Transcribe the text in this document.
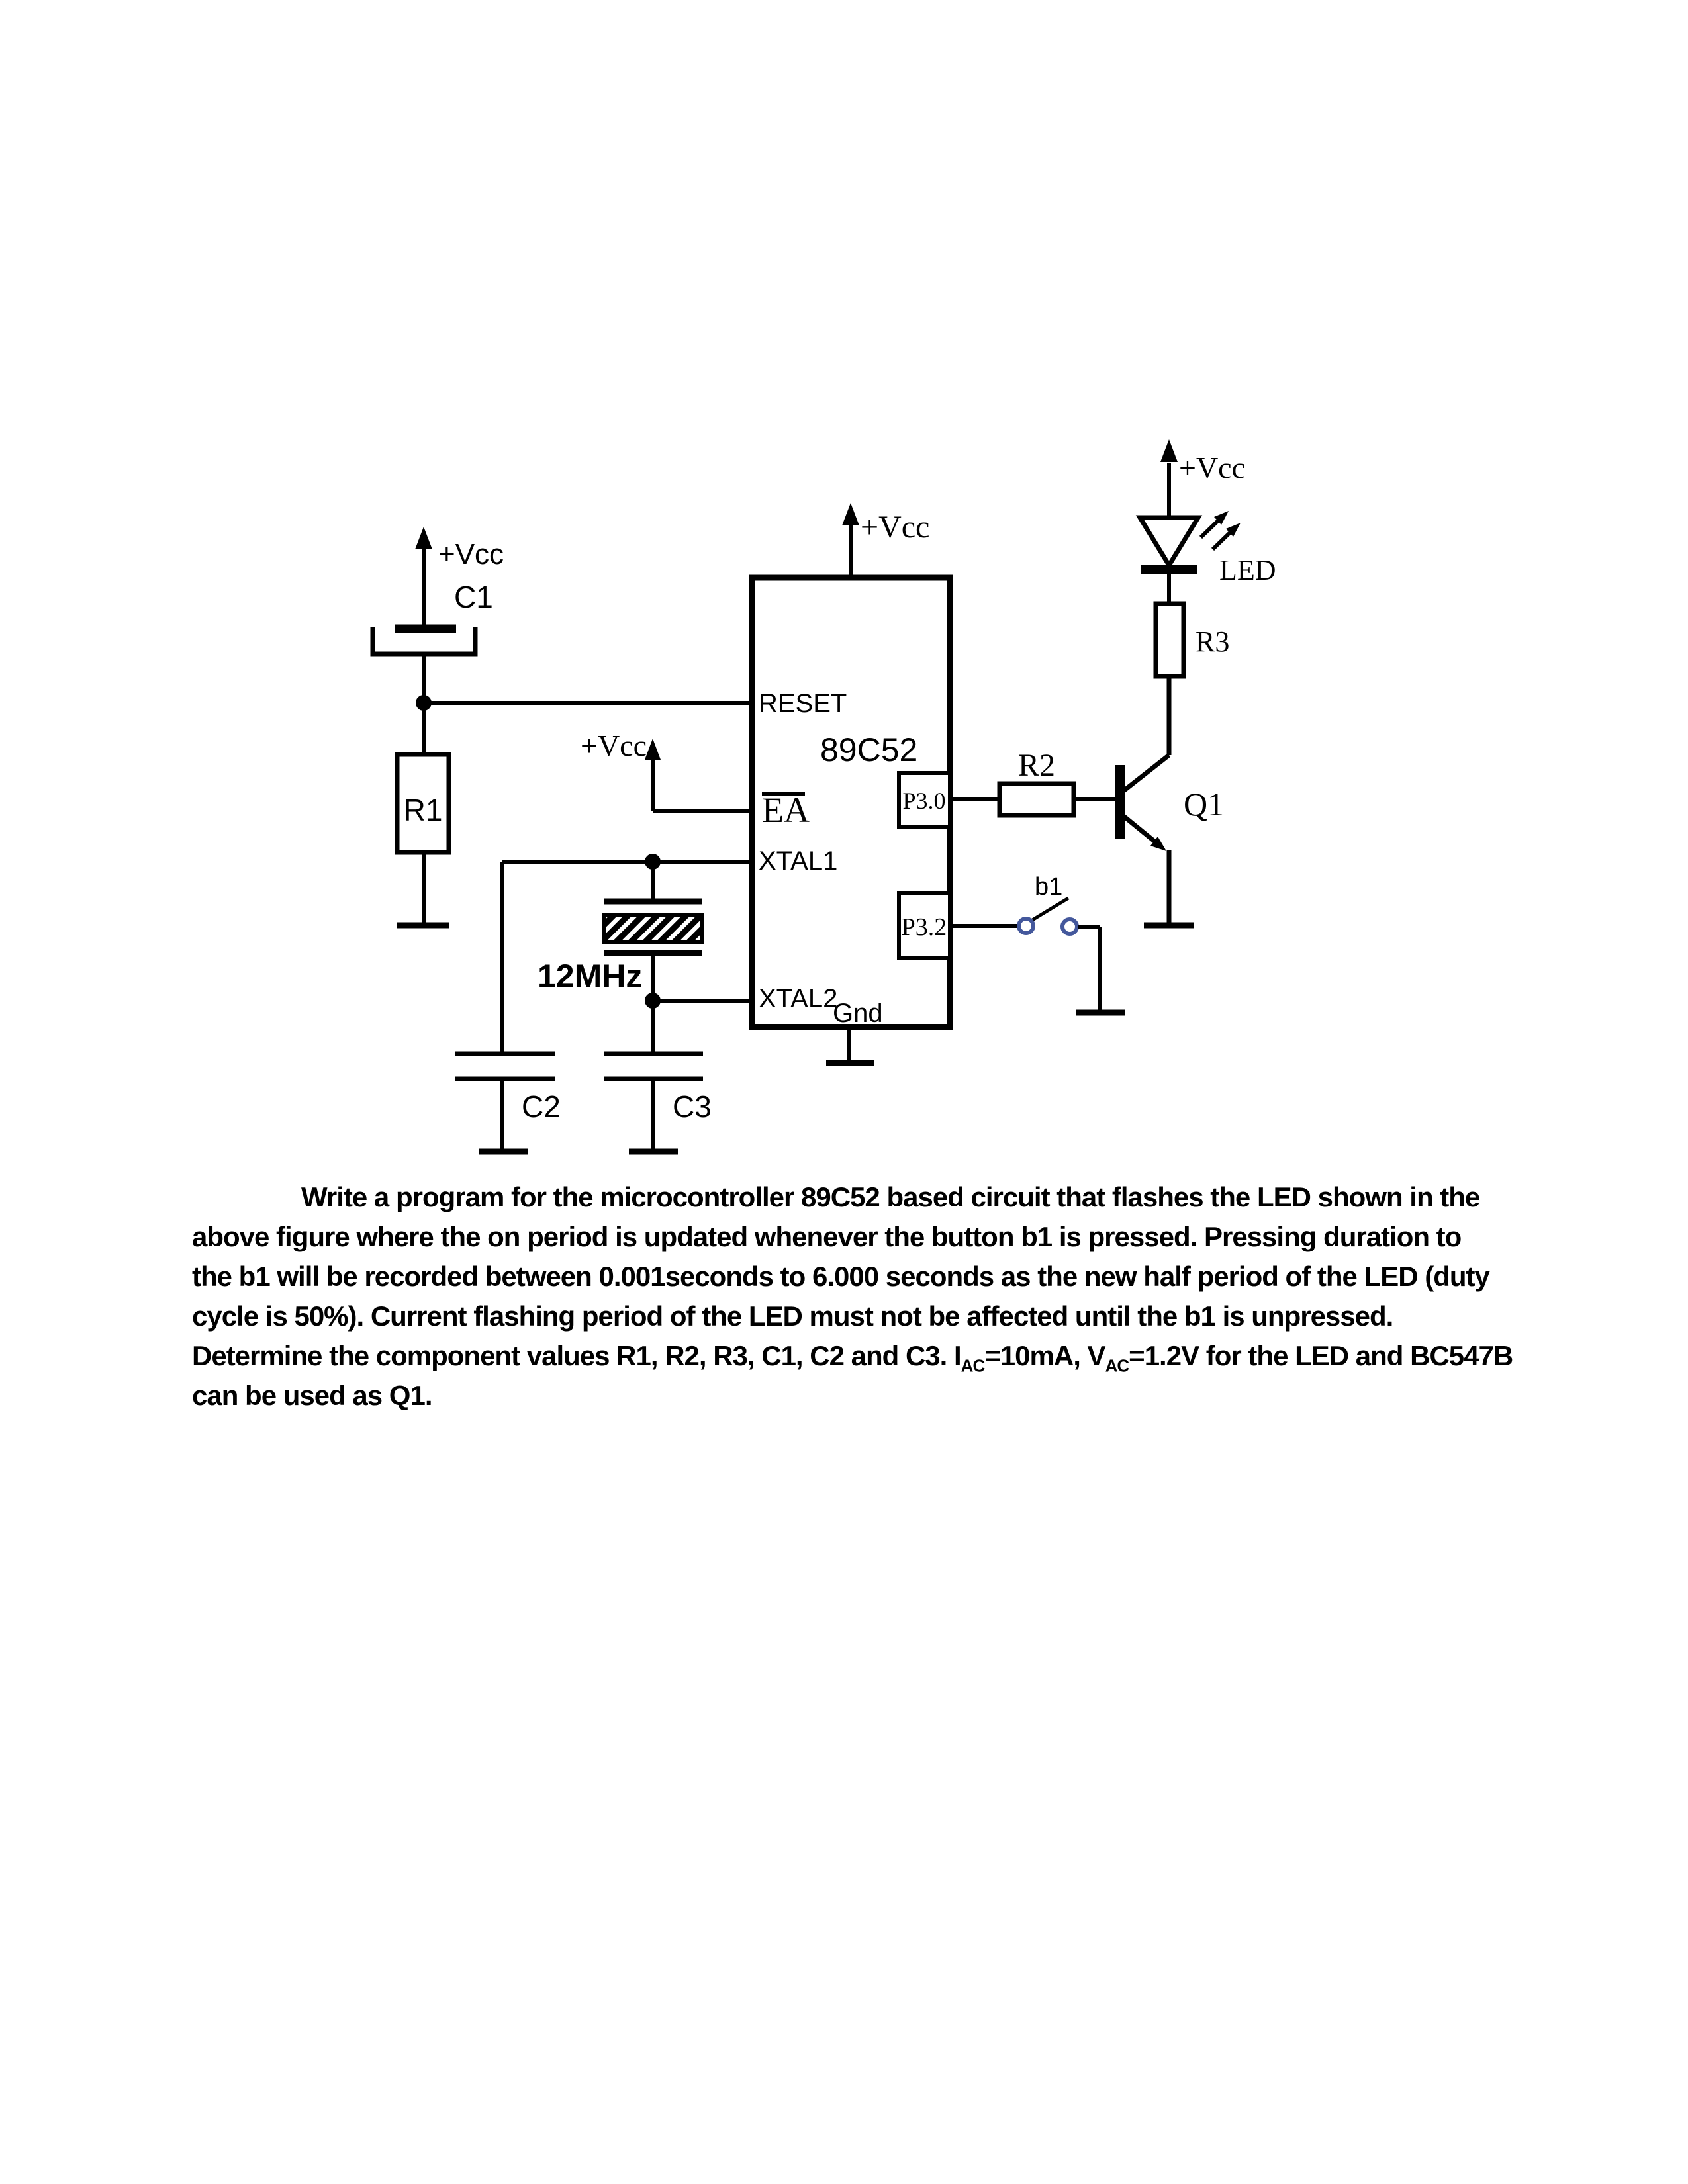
+Vcc
C1
R1
+Vcc
RESET
89C52
EA
XTAL1
XTAL2
Gnd
P3.0
P3.2
+Vcc
12MHz
C2	C3
R2
Q1
R3
+Vcc
LED
b1
Write a program for the microcontroller 89C52 based circuit that flashes the LED shown in the
above figure where the on period is updated whenever the button b1 is pressed. Pressing duration to
the b1 will be recorded between 0.001seconds to 6.000 seconds as the new half period of the LED (duty
cycle is 50%). Current flashing period of the LED must not be affected until the b1 is unpressed.
Determine the component values R1, R2, R3, C1, C2 and C3. $I_{AC}=10mA$, $V_{AC}=1.2V$ for the LED and BC547B
can be used as Q1.
